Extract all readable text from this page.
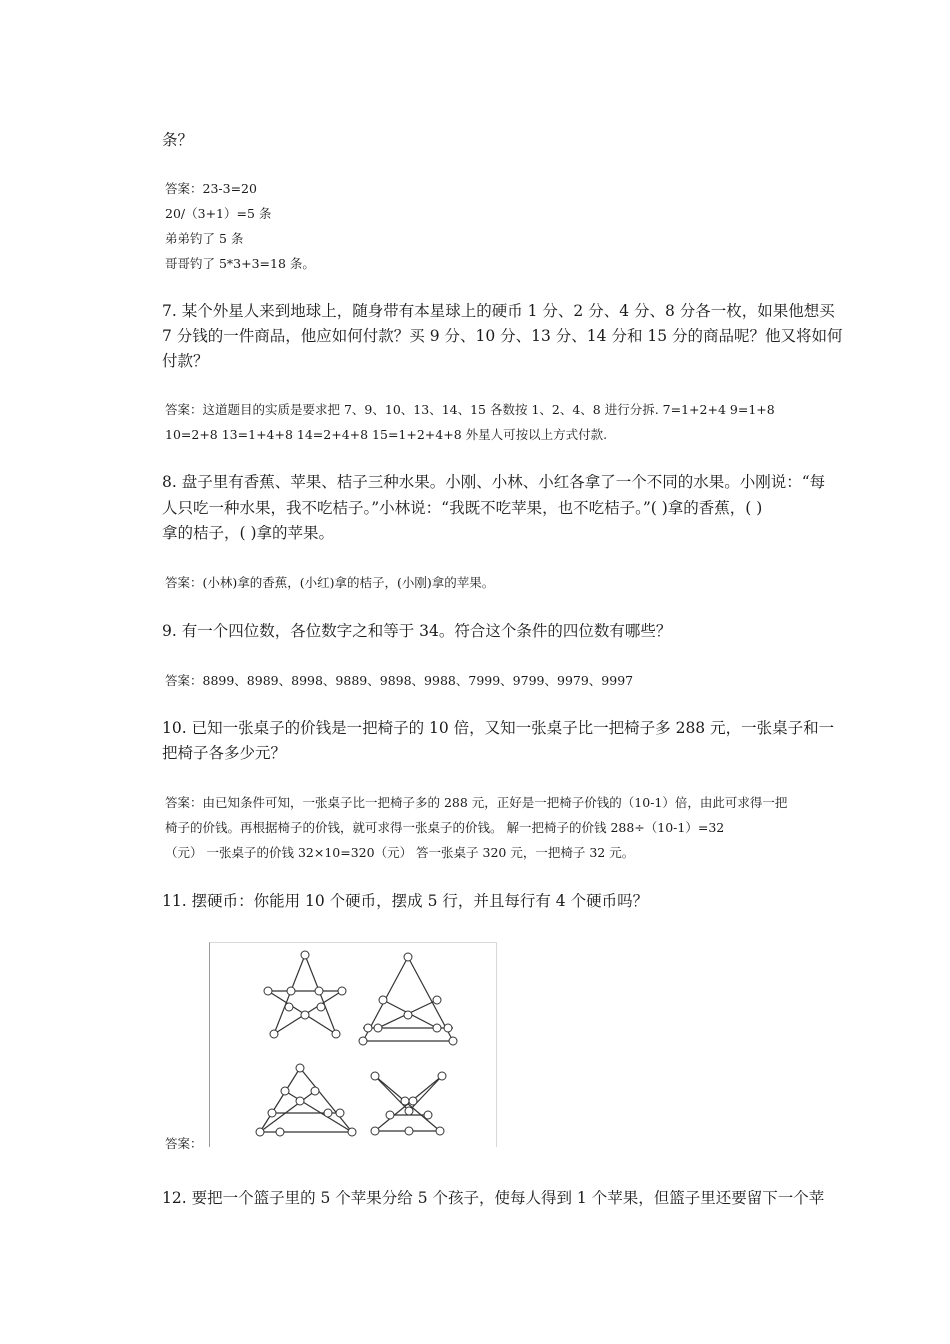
条？
答案：23-3=20
20/（3+1）=5 条
弟弟钓了 5 条
哥哥钓了 5*3+3=18 条。
7. 某个外星人来到地球上，随身带有本星球上的硬币 1 分、2 分、4 分、8 分各一枚，如果他想买
7 分钱的一件商品，他应如何付款？买 9 分、10 分、13 分、14 分和 15 分的商品呢？他又将如何
付款？
答案：这道题目的实质是要求把 7、9、10、13、14、15 各数按 1、2、4、8 进行分拆. 7=1+2+4 9=1+8
10=2+8 13=1+4+8 14=2+4+8 15=1+2+4+8 外星人可按以上方式付款.
8. 盘子里有香蕉、苹果、桔子三种水果。小刚、小林、小红各拿了一个不同的水果。小刚说：“每
人只吃一种水果，我不吃桔子。”小林说：“我既不吃苹果，也不吃桔子。”( )拿的香蕉，( )
拿的桔子，( )拿的苹果。
答案：(小林)拿的香蕉，(小红)拿的桔子，(小刚)拿的苹果。
9. 有一个四位数，各位数字之和等于 34。符合这个条件的四位数有哪些？
答案：8899、8989、8998、9889、9898、9988、7999、9799、9979、9997
10. 已知一张桌子的价钱是一把椅子的 10 倍，又知一张桌子比一把椅子多 288 元，一张桌子和一
把椅子各多少元？
答案：由已知条件可知，一张桌子比一把椅子多的 288 元，正好是一把椅子价钱的（10-1）倍，由此可求得一把
椅子的价钱。再根据椅子的价钱，就可求得一张桌子的价钱。 解一把椅子的价钱 288÷（10-1）=32
（元） 一张桌子的价钱 32×10=320（元） 答一张桌子 320 元，一把椅子 32 元。
11. 摆硬币：你能用 10 个硬币，摆成 5 行，并且每行有 4 个硬币吗？
答案：
12. 要把一个篮子里的 5 个苹果分给 5 个孩子，使每人得到 1 个苹果，但篮子里还要留下一个苹
